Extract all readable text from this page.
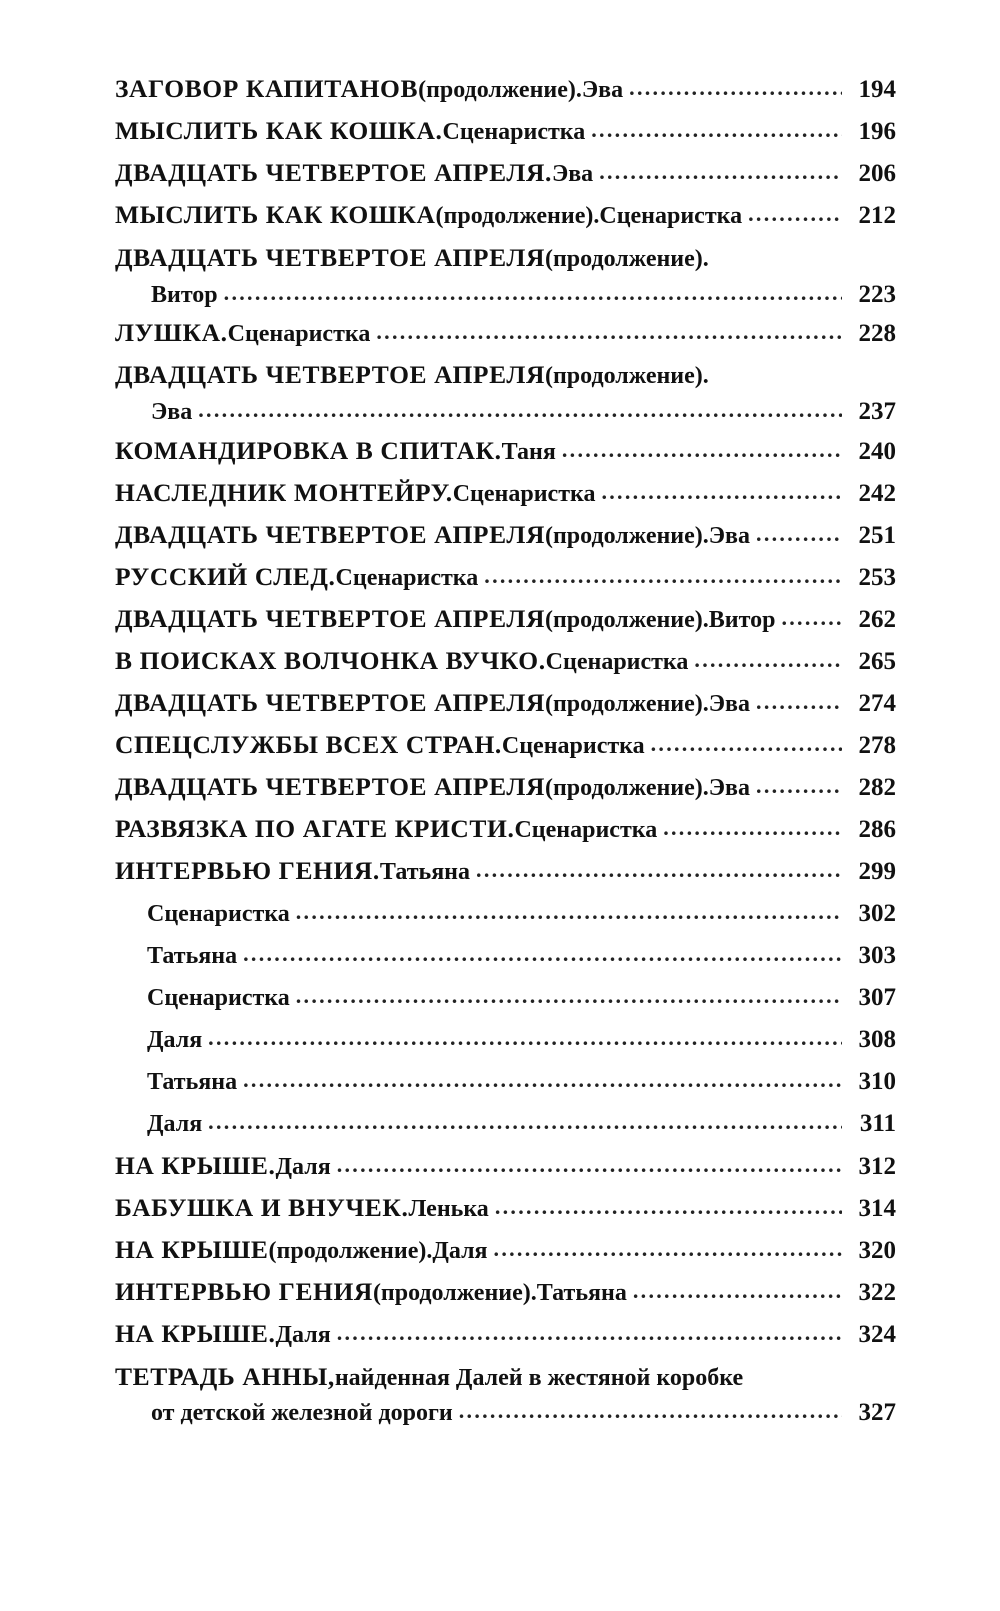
ЗАГОВОР КАПИТАНОВ (продолжение). Эва . . .	194
МЫСЛИТЬ КАК КОШКА. Сценаристка . . .	196
ДВАДЦАТЬ ЧЕТВЕРТОЕ АПРЕЛЯ. Эва . . .	206
МЫСЛИТЬ КАК КОШКА (продолжение). Сценаристка . . .	212
ДВАДЦАТЬ ЧЕТВЕРТОЕ АПРЕЛЯ (продолжение).
Витор . . .	223
ЛУШКА. Сценаристка . . .	228
ДВАДЦАТЬ ЧЕТВЕРТОЕ АПРЕЛЯ (продолжение).
Эва . . .	237
КОМАНДИРОВКА В СПИТАК. Таня . . .	240
НАСЛЕДНИК МОНТЕЙРУ. Сценаристка . . .	242
ДВАДЦАТЬ ЧЕТВЕРТОЕ АПРЕЛЯ (продолжение). Эва . . .	251
РУССКИЙ СЛЕД. Сценаристка . . .	253
ДВАДЦАТЬ ЧЕТВЕРТОЕ АПРЕЛЯ (продолжение). Витор . . .	262
В ПОИСКАХ ВОЛЧОНКА ВУЧКО. Сценаристка . . .	265
ДВАДЦАТЬ ЧЕТВЕРТОЕ АПРЕЛЯ (продолжение). Эва . . .	274
СПЕЦСЛУЖБЫ ВСЕХ СТРАН. Сценаристка . . .	278
ДВАДЦАТЬ ЧЕТВЕРТОЕ АПРЕЛЯ (продолжение). Эва . . .	282
РАЗВЯЗКА ПО АГАТЕ КРИСТИ. Сценаристка . . .	286
ИНТЕРВЬЮ ГЕНИЯ. Татьяна . . .	299
Сценаристка . . .	302
Татьяна . . .	303
Сценаристка . . .	307
Даля . . .	308
Татьяна . . .	310
Даля . . .	311
НА КРЫШЕ. Даля . . .	312
БАБУШКА И ВНУЧЕК. Ленька . . .	314
НА КРЫШЕ (продолжение). Даля . . .	320
ИНТЕРВЬЮ ГЕНИЯ (продолжение). Татьяна . . .	322
НА КРЫШЕ. Даля . . .	324
ТЕТРАДЬ АННЫ, найденная Далей в жестяной коробке
от детской железной дороги . . .	327
